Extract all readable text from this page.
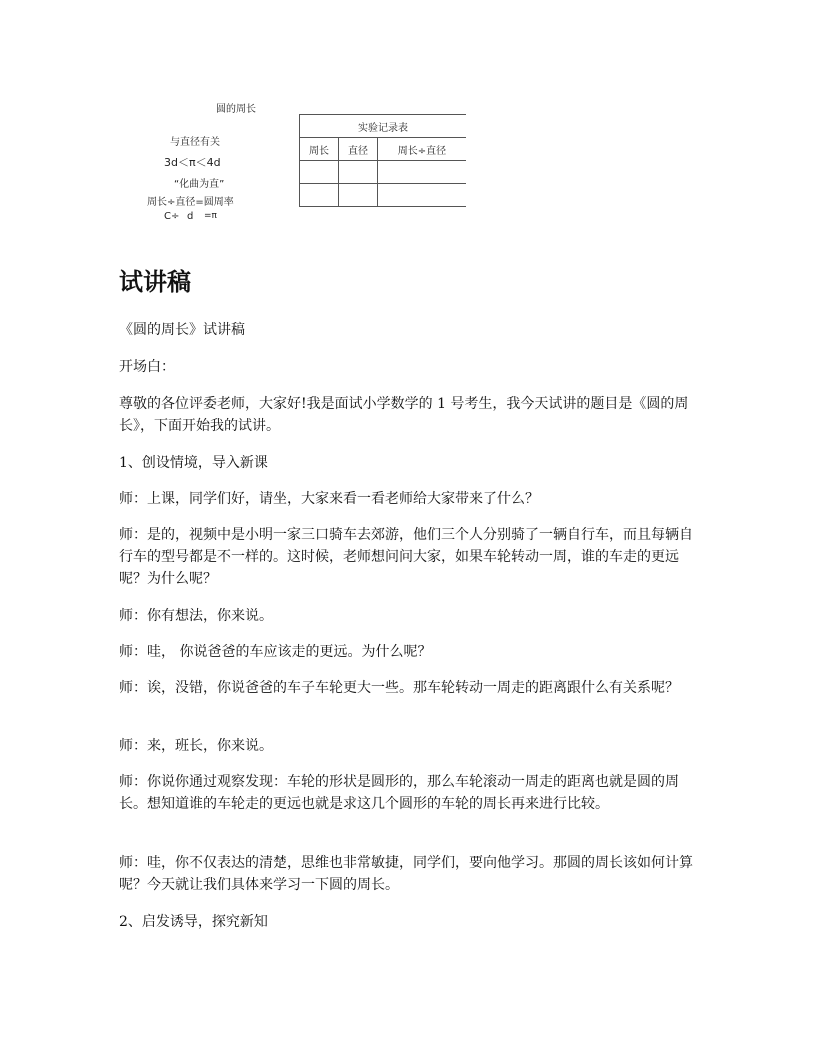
圆的周长
与直径有关
3d＜π＜4d
“化曲为直”
周长÷直径=圆周率
C÷ d =π
实验记录表		
周长	直径	周长÷直径

试讲稿

《圆的周长》试讲稿

开场白：

尊敬的各位评委老师，大家好!我是面试小学数学的 1 号考生，我今天试讲的题目是《圆的周长》，下面开始我的试讲。

1、创设情境，导入新课

师：上课，同学们好，请坐，大家来看一看老师给大家带来了什么？

师：是的，视频中是小明一家三口骑车去郊游，他们三个人分别骑了一辆自行车，而且每辆自行车的型号都是不一样的。这时候，老师想问问大家，如果车轮转动一周，谁的车走的更远呢？为什么呢？

师：你有想法，你来说。

师：哇， 你说爸爸的车应该走的更远。为什么呢？

师：诶，没错，你说爸爸的车子车轮更大一些。那车轮转动一周走的距离跟什么有关系呢？

师：来，班长，你来说。

师：你说你通过观察发现：车轮的形状是圆形的，那么车轮滚动一周走的距离也就是圆的周长。想知道谁的车轮走的更远也就是求这几个圆形的车轮的周长再来进行比较。

师：哇，你不仅表达的清楚，思维也非常敏捷，同学们，要向他学习。那圆的周长该如何计算呢？今天就让我们具体来学习一下圆的周长。

2、启发诱导，探究新知
